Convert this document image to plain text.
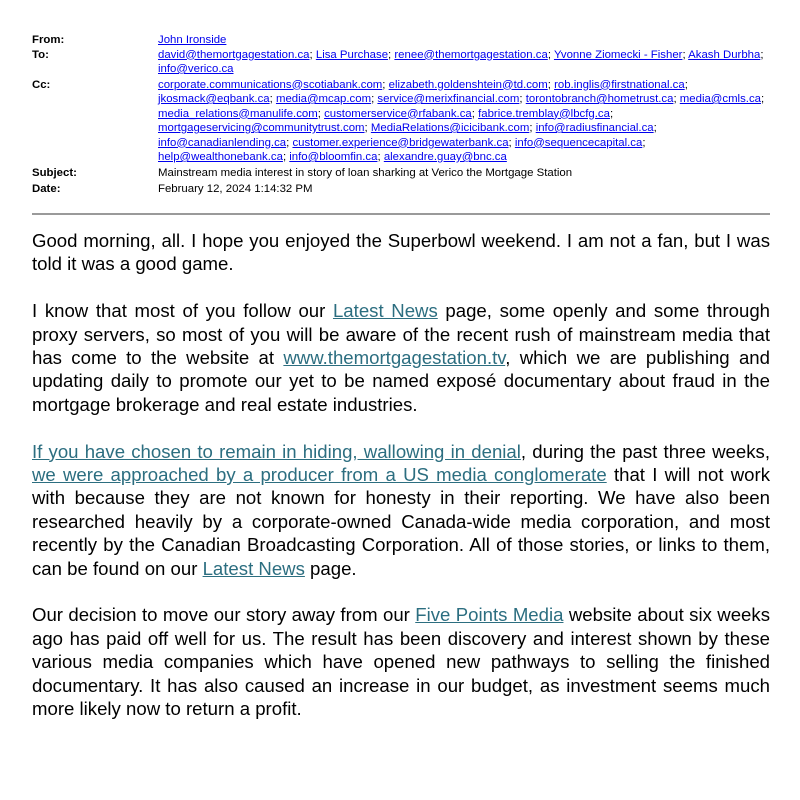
From:	John Ironside
To:	david@themortgagestation.ca; Lisa Purchase; renee@themortgagestation.ca; Yvonne Ziomecki - Fisher; Akash Durbha; info@verico.ca
Cc:	corporate.communications@scotiabank.com; elizabeth.goldenshtein@td.com; rob.inglis@firstnational.ca; jkosmack@eqbank.ca; media@mcap.com; service@merixfinancial.com; torontobranch@hometrust.ca; media@cmls.ca; media_relations@manulife.com; customerservice@rfabank.ca; fabrice.tremblay@lbcfg.ca; mortgageservicing@communitytrust.com; MediaRelations@icicibank.com; info@radiusfinancial.ca; info@canadianlending.ca; customer.experience@bridgewaterbank.ca; info@sequencecapital.ca; help@wealthonebank.ca; info@bloomfin.ca; alexandre.guay@bnc.ca
Subject:	Mainstream media interest in story of loan sharking at Verico the Mortgage Station
Date:	February 12, 2024 1:14:32 PM

Good morning, all. I hope you enjoyed the Superbowl weekend. I am not a fan, but I was told it was a good game.

I know that most of you follow our Latest News page, some openly and some through proxy servers, so most of you will be aware of the recent rush of mainstream media that has come to the website at www.themortgagestation.tv, which we are publishing and updating daily to promote our yet to be named exposé documentary about fraud in the mortgage brokerage and real estate industries.

If you have chosen to remain in hiding, wallowing in denial, during the past three weeks, we were approached by a producer from a US media conglomerate that I will not work with because they are not known for honesty in their reporting. We have also been researched heavily by a corporate-owned Canada-wide media corporation, and most recently by the Canadian Broadcasting Corporation. All of those stories, or links to them, can be found on our Latest News page.

Our decision to move our story away from our Five Points Media website about six weeks ago has paid off well for us. The result has been discovery and interest shown by these various media companies which have opened new pathways to selling the finished documentary. It has also caused an increase in our budget, as investment seems much more likely now to return a profit.
